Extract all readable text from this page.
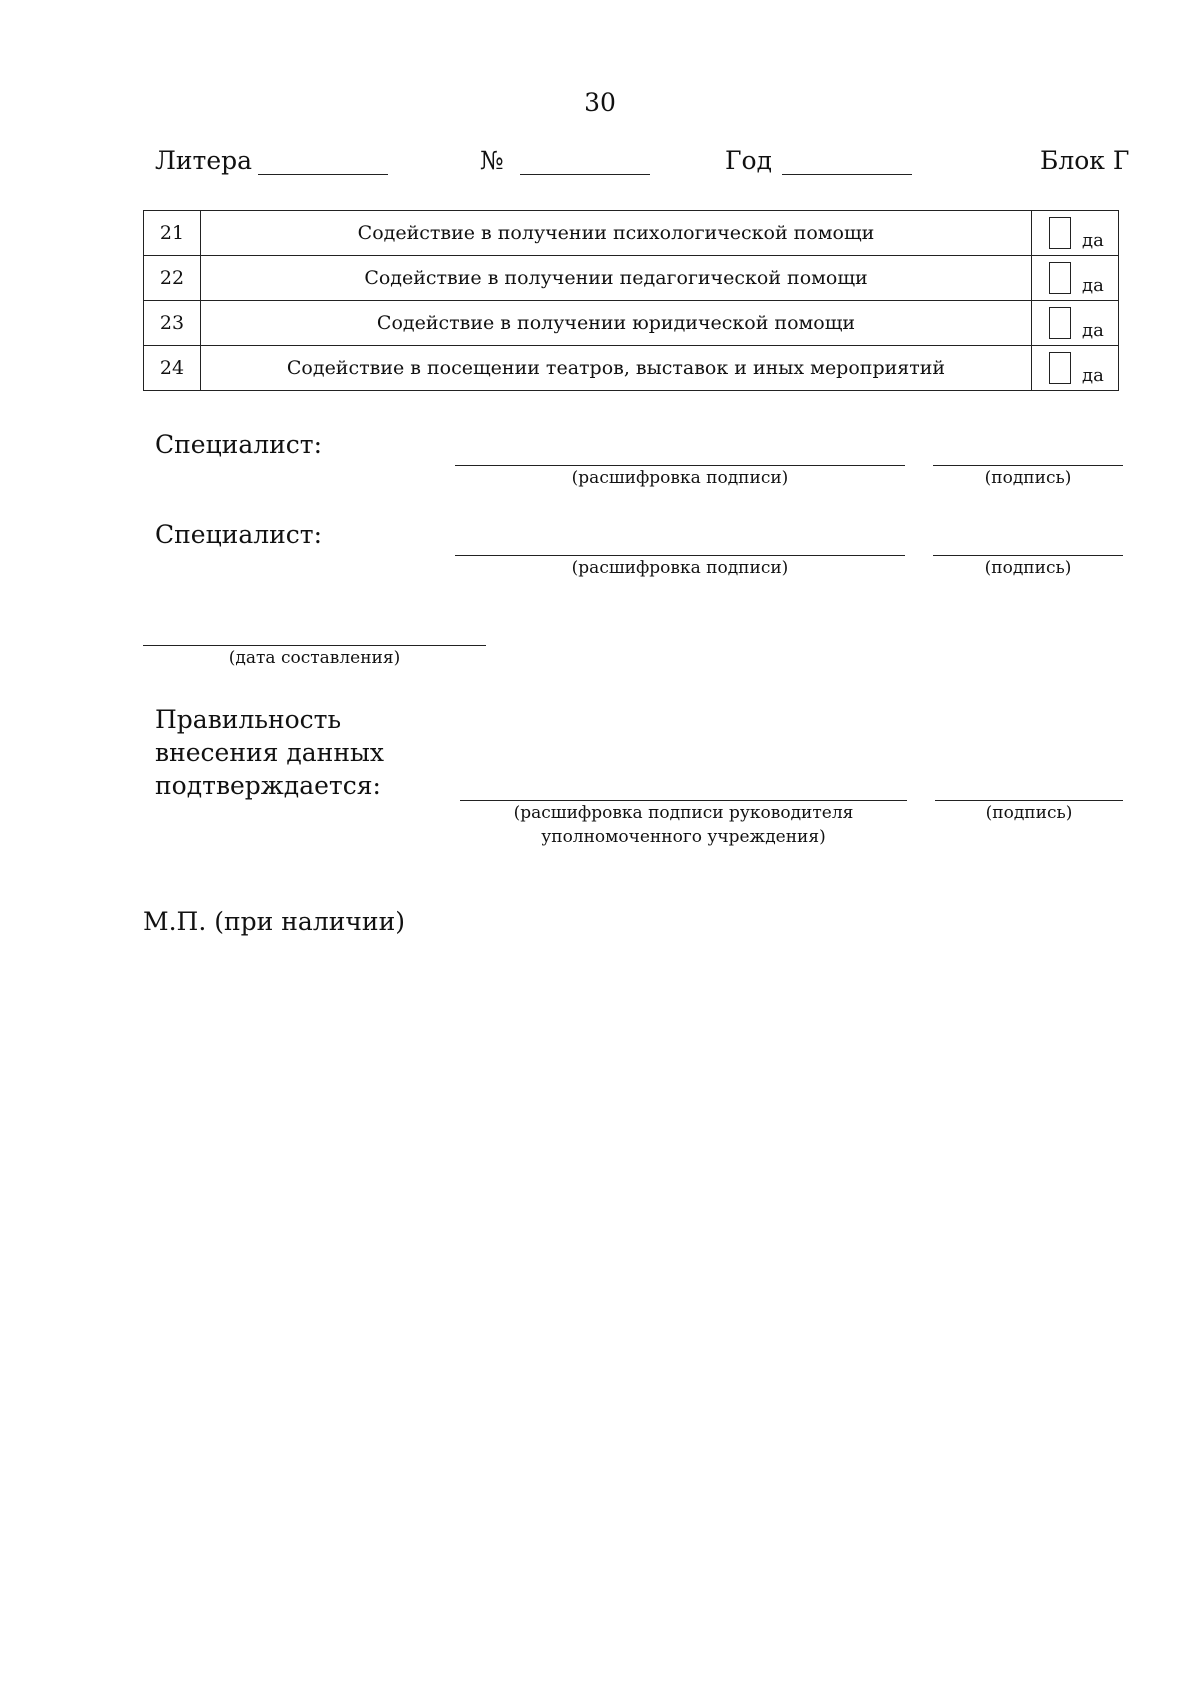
30
Литера	№	Год	Блок Г
21	Содействие в получении психологической помощи	да

22	Содействие в получении педагогической помощи	да

23	Содействие в получении юридической помощи	да

24	Содействие в посещении театров, выставок и иных мероприятий	да
Специалист:
(расшифровка подписи)	(подпись)
Специалист:
(расшифровка подписи)	(подпись)
(дата составления)
Правильность
внесения данных
подтверждается:
(расшифровка подписи руководителя
уполномоченного учреждения)
(подпись)
М.П. (при наличии)
